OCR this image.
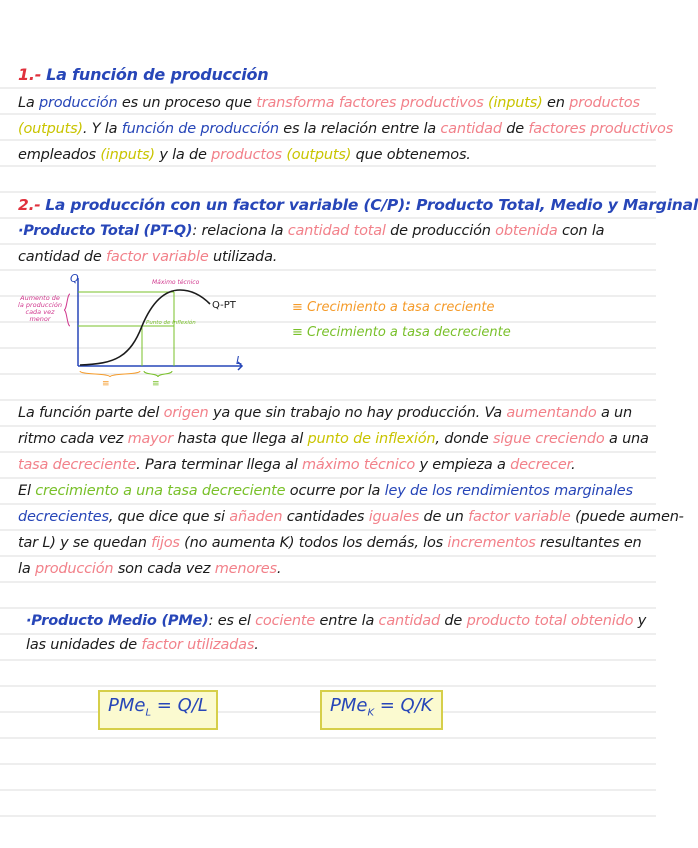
1.- La función de producción
La producción es un proceso que transforma factores productivos (inputs) en productos
(outputs). Y la función de producción es la relación entre la cantidad de factores productivos
empleados (inputs) y la de productos (outputs) que obtenemos.
2.- La producción con un factor variable (C/P): Producto Total, Medio y Marginal
·Producto Total (PT-Q): relaciona la cantidad total de producción obtenida con la
cantidad de factor variable utilizada.
Q
L
Q-PT
Máximo técnico
Punto de inflexión
≡	≡
Aumento de la producción cada vez menor
≡ Crecimiento a tasa creciente
≡ Crecimiento a tasa decreciente
La función parte del origen ya que sin trabajo no hay producción. Va aumentando a un
ritmo cada vez mayor hasta que llega al punto de inflexión, donde sigue creciendo a una
tasa decreciente. Para terminar llega al máximo técnico y empieza a decrecer.
El crecimiento a una tasa decreciente ocurre por la ley de los rendimientos marginales
decrecientes, que dice que si añaden cantidades iguales de un factor variable (puede aumen-
tar L) y se quedan fijos (no aumenta K) todos los demás, los incrementos resultantes en
la producción son cada vez menores.
·Producto Medio (PMe): es el cociente entre la cantidad de producto total obtenido y
las unidades de factor utilizadas.
PMe$_L$ = Q/L	PMe$_K$ = Q/K
